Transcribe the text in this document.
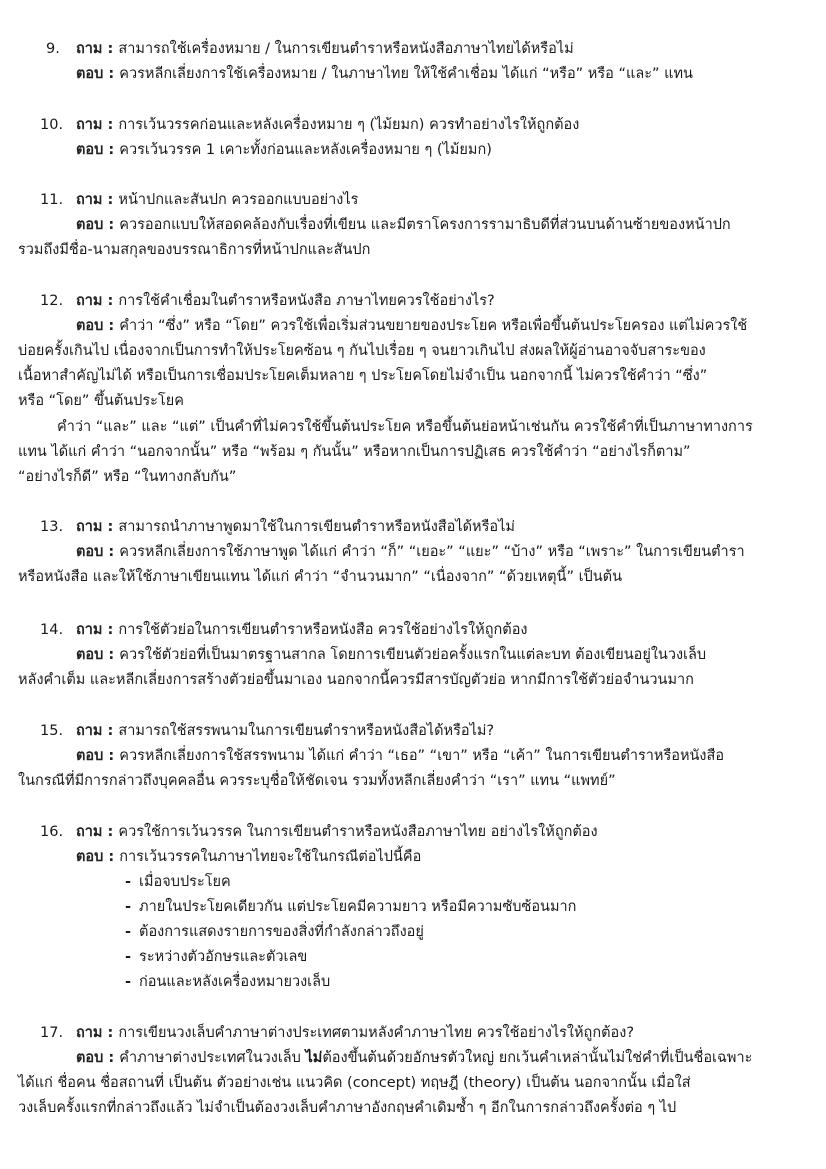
9. ถาม : สามารถใช้เครื่องหมาย / ในการเขียนตำราหรือหนังสือภาษาไทยได้หรือไม่
ตอบ : ควรหลีกเลี่ยงการใช้เครื่องหมาย / ในภาษาไทย ให้ใช้คำเชื่อม ได้แก่ “หรือ” หรือ “และ” แทน
10. ถาม : การเว้นวรรคก่อนและหลังเครื่องหมาย ๆ (ไม้ยมก) ควรทำอย่างไรให้ถูกต้อง
ตอบ : ควรเว้นวรรค 1 เคาะทั้งก่อนและหลังเครื่องหมาย ๆ (ไม้ยมก)
11. ถาม : หน้าปกและสันปก ควรออกแบบอย่างไร
ตอบ : ควรออกแบบให้สอดคล้องกับเรื่องที่เขียน และมีตราโครงการรามาธิบดีที่ส่วนบนด้านซ้ายของหน้าปก
รวมถึงมีชื่อ-นามสกุลของบรรณาธิการที่หน้าปกและสันปก
12. ถาม : การใช้คำเชื่อมในตำราหรือหนังสือ ภาษาไทยควรใช้อย่างไร?
ตอบ : คำว่า “ซึ่ง” หรือ “โดย” ควรใช้เพื่อเริ่มส่วนขยายของประโยค หรือเพื่อขึ้นต้นประโยครอง แต่ไม่ควรใช้
บ่อยครั้งเกินไป เนื่องจากเป็นการทำให้ประโยคซ้อน ๆ กันไปเรื่อย ๆ จนยาวเกินไป ส่งผลให้ผู้อ่านอาจจับสาระของ
เนื้อหาสำคัญไม่ได้ หรือเป็นการเชื่อมประโยคเต็มหลาย ๆ ประโยคโดยไม่จำเป็น นอกจากนี้ ไม่ควรใช้คำว่า “ซึ่ง”
หรือ “โดย” ขึ้นต้นประโยค
คำว่า “และ” และ “แต่” เป็นคำที่ไม่ควรใช้ขึ้นต้นประโยค หรือขึ้นต้นย่อหน้าเช่นกัน ควรใช้คำที่เป็นภาษาทางการ
แทน ได้แก่ คำว่า “นอกจากนั้น” หรือ “พร้อม ๆ กันนั้น” หรือหากเป็นการปฏิเสธ ควรใช้คำว่า “อย่างไรก็ตาม”
“อย่างไรก็ดี” หรือ “ในทางกลับกัน”
13. ถาม : สามารถนำภาษาพูดมาใช้ในการเขียนตำราหรือหนังสือได้หรือไม่
ตอบ : ควรหลีกเลี่ยงการใช้ภาษาพูด ได้แก่ คำว่า “ก็” “เยอะ” “แยะ” “บ้าง” หรือ “เพราะ” ในการเขียนตำรา
หรือหนังสือ และให้ใช้ภาษาเขียนแทน ได้แก่ คำว่า “จำนวนมาก” “เนื่องจาก” “ด้วยเหตุนี้” เป็นต้น
14. ถาม : การใช้ตัวย่อในการเขียนตำราหรือหนังสือ ควรใช้อย่างไรให้ถูกต้อง
ตอบ : ควรใช้ตัวย่อที่เป็นมาตรฐานสากล โดยการเขียนตัวย่อครั้งแรกในแต่ละบท ต้องเขียนอยู่ในวงเล็บ
หลังคำเต็ม และหลีกเลี่ยงการสร้างตัวย่อขึ้นมาเอง นอกจากนี้ควรมีสารบัญตัวย่อ หากมีการใช้ตัวย่อจำนวนมาก
15. ถาม : สามารถใช้สรรพนามในการเขียนตำราหรือหนังสือได้หรือไม่?
ตอบ : ควรหลีกเลี่ยงการใช้สรรพนาม ได้แก่ คำว่า “เธอ” “เขา” หรือ “เค้า” ในการเขียนตำราหรือหนังสือ
ในกรณีที่มีการกล่าวถึงบุคคลอื่น ควรระบุชื่อให้ชัดเจน รวมทั้งหลีกเลี่ยงคำว่า “เรา” แทน “แพทย์”
16. ถาม : ควรใช้การเว้นวรรค ในการเขียนตำราหรือหนังสือภาษาไทย อย่างไรให้ถูกต้อง
ตอบ : การเว้นวรรคในภาษาไทยจะใช้ในกรณีต่อไปนี้คือ
- เมื่อจบประโยค
- ภายในประโยคเดียวกัน แต่ประโยคมีความยาว หรือมีความซับซ้อนมาก
- ต้องการแสดงรายการของสิ่งที่กำลังกล่าวถึงอยู่
- ระหว่างตัวอักษรและตัวเลข
- ก่อนและหลังเครื่องหมายวงเล็บ
17. ถาม : การเขียนวงเล็บคำภาษาต่างประเทศตามหลังคำภาษาไทย ควรใช้อย่างไรให้ถูกต้อง?
ตอบ : คำภาษาต่างประเทศในวงเล็บ ไม่ต้องขึ้นต้นด้วยอักษรตัวใหญ่ ยกเว้นคำเหล่านั้นไม่ใช่คำที่เป็นชื่อเฉพาะ
ได้แก่ ชื่อคน ชื่อสถานที่ เป็นต้น ตัวอย่างเช่น แนวคิด (concept) ทฤษฎี (theory) เป็นต้น นอกจากนั้น เมื่อใส่
วงเล็บครั้งแรกที่กล่าวถึงแล้ว ไม่จำเป็นต้องวงเล็บคำภาษาอังกฤษคำเดิมซ้ำ ๆ อีกในการกล่าวถึงครั้งต่อ ๆ ไป
